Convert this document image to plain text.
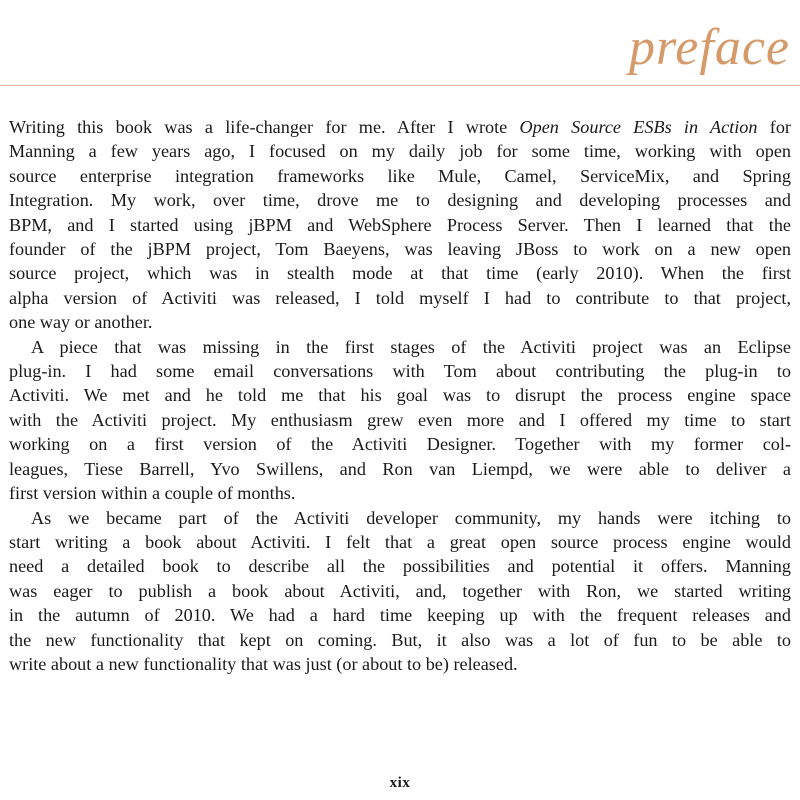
preface

Writing this book was a life-changer for me. After I wrote Open Source ESBs in Action for
Manning a few years ago, I focused on my daily job for some time, working with open
source enterprise integration frameworks like Mule, Camel, ServiceMix, and Spring
Integration. My work, over time, drove me to designing and developing processes and
BPM, and I started using jBPM and WebSphere Process Server. Then I learned that the
founder of the jBPM project, Tom Baeyens, was leaving JBoss to work on a new open
source project, which was in stealth mode at that time (early 2010). When the first
alpha version of Activiti was released, I told myself I had to contribute to that project,
one way or another.

A piece that was missing in the first stages of the Activiti project was an Eclipse
plug-in. I had some email conversations with Tom about contributing the plug-in to
Activiti. We met and he told me that his goal was to disrupt the process engine space
with the Activiti project. My enthusiasm grew even more and I offered my time to start
working on a first version of the Activiti Designer. Together with my former col-
leagues, Tiese Barrell, Yvo Swillens, and Ron van Liempd, we were able to deliver a
first version within a couple of months.

As we became part of the Activiti developer community, my hands were itching to
start writing a book about Activiti. I felt that a great open source process engine would
need a detailed book to describe all the possibilities and potential it offers. Manning
was eager to publish a book about Activiti, and, together with Ron, we started writing
in the autumn of 2010. We had a hard time keeping up with the frequent releases and
the new functionality that kept on coming. But, it also was a lot of fun to be able to
write about a new functionality that was just (or about to be) released.

xix
